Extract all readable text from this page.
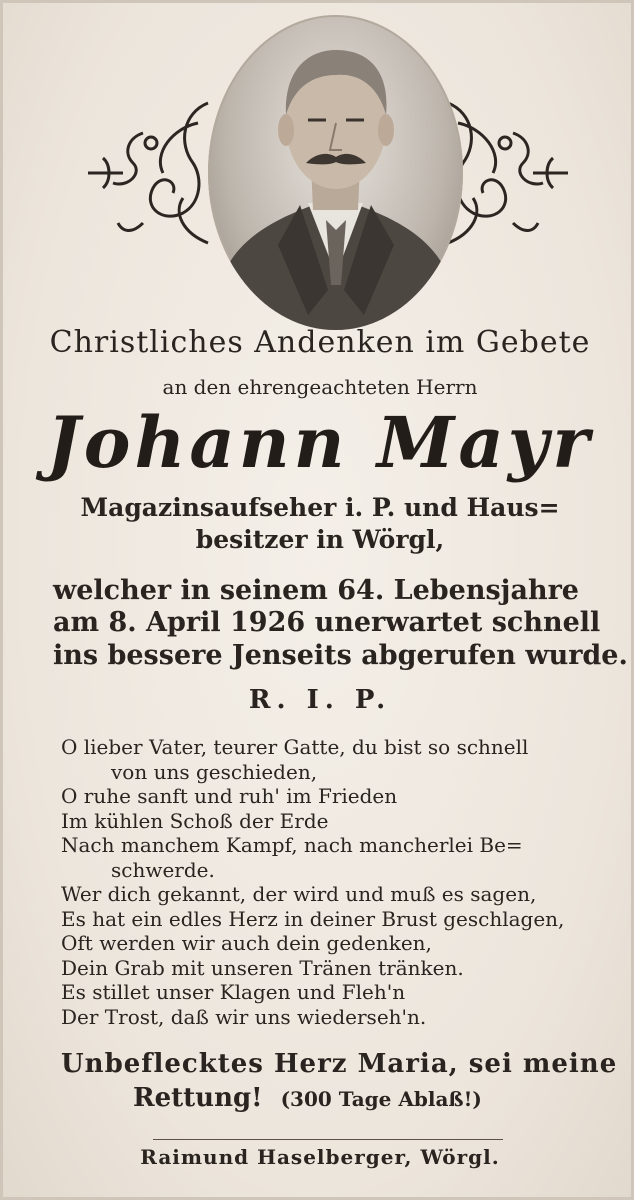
Christliches Andenken im Gebete

an den ehrengeachteten Herrn

Johann Mayr

Magazinsaufseher i. P. und Haus=

besitzer in Wörgl,

welcher in seinem 64. Lebensjahre

am 8. April 1926 unerwartet schnell

ins bessere Jenseits abgerufen wurde.

R. I. P.

O lieber Vater, teurer Gatte, du bist so schnell
von uns geschieden,
O ruhe sanft und ruh' im Frieden
Im kühlen Schoß der Erde
Nach manchem Kampf, nach mancherlei Be=
schwerde.
Wer dich gekannt, der wird und muß es sagen,
Es hat ein edles Herz in deiner Brust geschlagen,
Oft werden wir auch dein gedenken,
Dein Grab mit unseren Tränen tränken.
Es stillet unser Klagen und Fleh'n
Der Trost, daß wir uns wiederseh'n.

Unbeflecktes Herz Maria, sei meine

Rettung! (300 Tage Ablaß!)

Raimund Haselberger, Wörgl.
